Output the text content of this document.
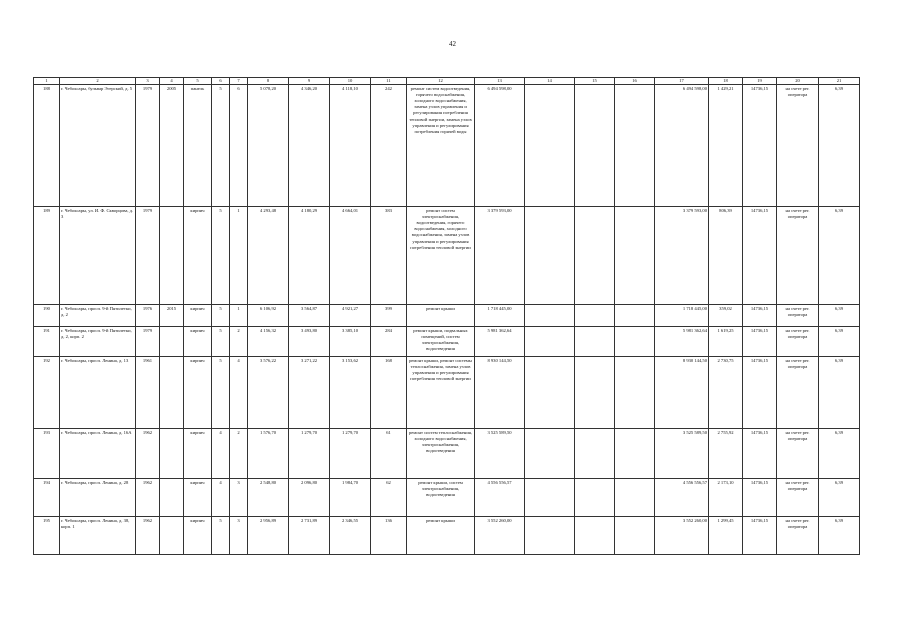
42
1	2	3	4	5	6	7	8	9	10	11	12	13	14	15	16	17	18	19	20	21
188	г. Чебоксары, бульвар Эгерский, д. 5	1979	2005	панель	5	6	5 078,20	4 346,20	4 118,10	242	ремонт систем водоотведения, горячего водоснабжения, холодного водоснабжения, замена узлов управления и регулирования потребления тепловой энергии, замена узлов управления и регулирования потребления горячей воды	6 494 598,00				6 494 598,00	1 429,21	14736,15	на счете рег. оператора	6,39
189	г. Чебоксары, ул. И. Ф. Скворцова, д. 3	1979		кирпич	5	1	4 293,48	4 180,29	4 664,01	383	ремонт систем электроснабжения, водоотведения, горячего водоснабжения, холодного водоснабжения, замена узлов управления и регулирования потребления тепловой энергии	3 379 593,00				3 379 593,00	806,39	14736,15	на счете рег. оператора	6,39
190	г. Чебоксары, просп. 9-й Пятилетки, д. 2	1976	2015	кирпич	5	1	6 106,92	3 564,87	4 921,27	399	ремонт крыши	1 718 445,00				1 718 445,00	359,02	14736,15	на счете рег. оператора	6,39
191	г. Чебоксары, просп. 9-й Пятилетки, д. 2, корп. 2	1979		кирпич	5	2	4 156,32	3 493,80	3 385,10	284	ремонт крыши, подвальных помещений, систем электроснабжения, водоотведения	5 981 362,64				5 981 362,64	1 619,25	14736,15	на счете рег. оператора	6,39
192	г. Чебоксары, просп. Ленина, д. 13	1961		кирпич	5	4	3 576,22	3 271,22	3 153,62	168	ремонт крыши, ремонт системы теплоснабжения, замена узлов управления и регулирования потребления тепловой энергии	8 930 144,50				8 930 144,50	2 730,75	14736,15	на счете рег. оператора	6,39
193	г. Чебоксары, просп. Ленина, д. 16А	1962		кирпич	4	2	1 576,70	1 279,70	1 279,70	61	ремонт систем теплоснабжения, холодного водоснабжения, электроснабжения, водоотведения	3 525 589,50				3 525 589,50	2 755,92	14736,15	на счете рег. оператора	6,39
194	г. Чебоксары, просп. Ленина, д. 28	1962		кирпич	4	3	2 548,80	2 096,80	1 984,70	62	ремонт крыши, систем электроснабжения, водоотведения	4 556 556,57				4 556 556,57	2 173,10	14736,15	на счете рег. оператора	6,39
195	г. Чебоксары, просп. Ленина, д. 38, корп. 1	1962		кирпич	5	3	2 956,89	2 731,89	2 346,55	136	ремонт крыши	3 552 260,00				3 552 260,00	1 299,45	14736,15	на счете рег. оператора	6,39
